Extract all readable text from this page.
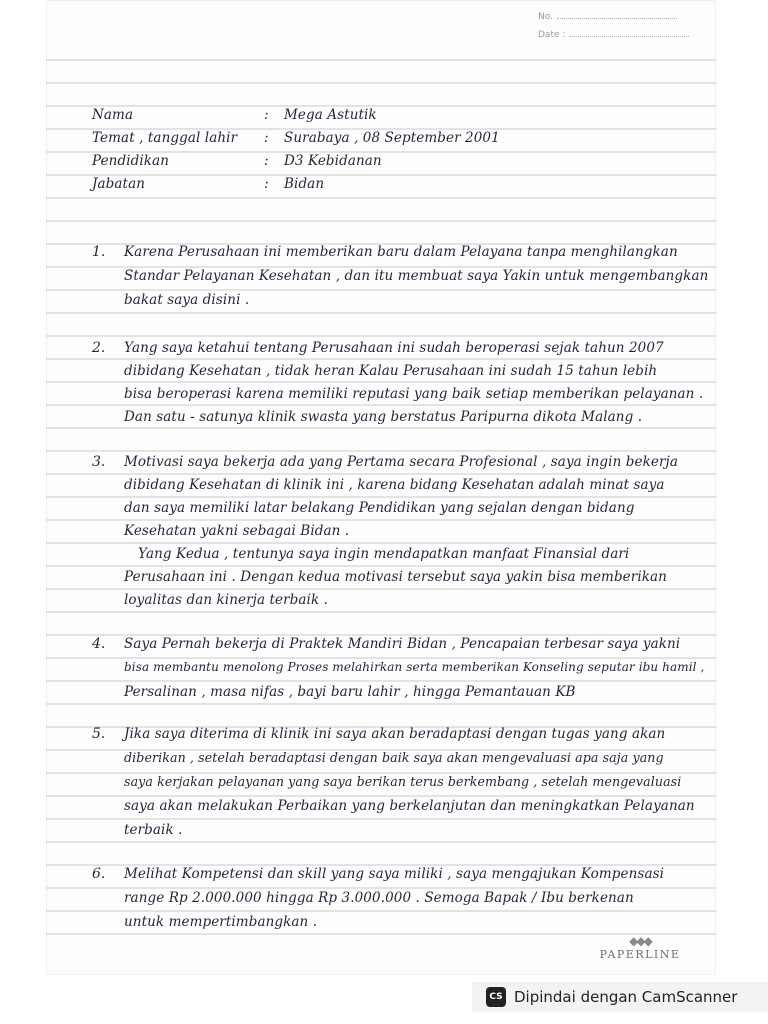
No.
Date :
Nama	: Mega Astutik
Temat , tanggal lahir : Surabaya , 08 September 2001
Pendidikan	: D3 Kebidanan
Jabatan	: Bidan
1. Karena Perusahaan ini memberikan baru dalam Pelayana tanpa menghilangkan
Standar Pelayanan Kesehatan , dan itu membuat saya Yakin untuk mengembangkan
bakat saya disini .
2. Yang saya ketahui tentang Perusahaan ini sudah beroperasi sejak tahun 2007
dibidang Kesehatan , tidak heran Kalau Perusahaan ini sudah 15 tahun lebih
bisa beroperasi karena memiliki reputasi yang baik setiap memberikan pelayanan .
Dan satu - satunya klinik swasta yang berstatus Paripurna dikota Malang .
3. Motivasi saya bekerja ada yang Pertama secara Profesional , saya ingin bekerja
dibidang Kesehatan di klinik ini , karena bidang Kesehatan adalah minat saya
dan saya memiliki latar belakang Pendidikan yang sejalan dengan bidang
Kesehatan yakni sebagai Bidan .
Yang Kedua , tentunya saya ingin mendapatkan manfaat Finansial dari
Perusahaan ini . Dengan kedua motivasi tersebut saya yakin bisa memberikan
loyalitas dan kinerja terbaik .
4. Saya Pernah bekerja di Praktek Mandiri Bidan , Pencapaian terbesar saya yakni
bisa membantu menolong Proses melahirkan serta memberikan Konseling seputar ibu hamil ,
Persalinan , masa nifas , bayi baru lahir , hingga Pemantauan KB
5. Jika saya diterima di klinik ini saya akan beradaptasi dengan tugas yang akan
diberikan , setelah beradaptasi dengan baik saya akan mengevaluasi apa saja yang
saya kerjakan pelayanan yang saya berikan terus berkembang , setelah mengevaluasi
saya akan melakukan Perbaikan yang berkelanjutan dan meningkatkan Pelayanan
terbaik .
6. Melihat Kompetensi dan skill yang saya miliki , saya mengajukan Kompensasi
range Rp 2.000.000 hingga Rp 3.000.000 . Semoga Bapak / Ibu berkenan
untuk mempertimbangkan .
◆◆◆
PAPERLINE
CS Dipindai dengan CamScanner
